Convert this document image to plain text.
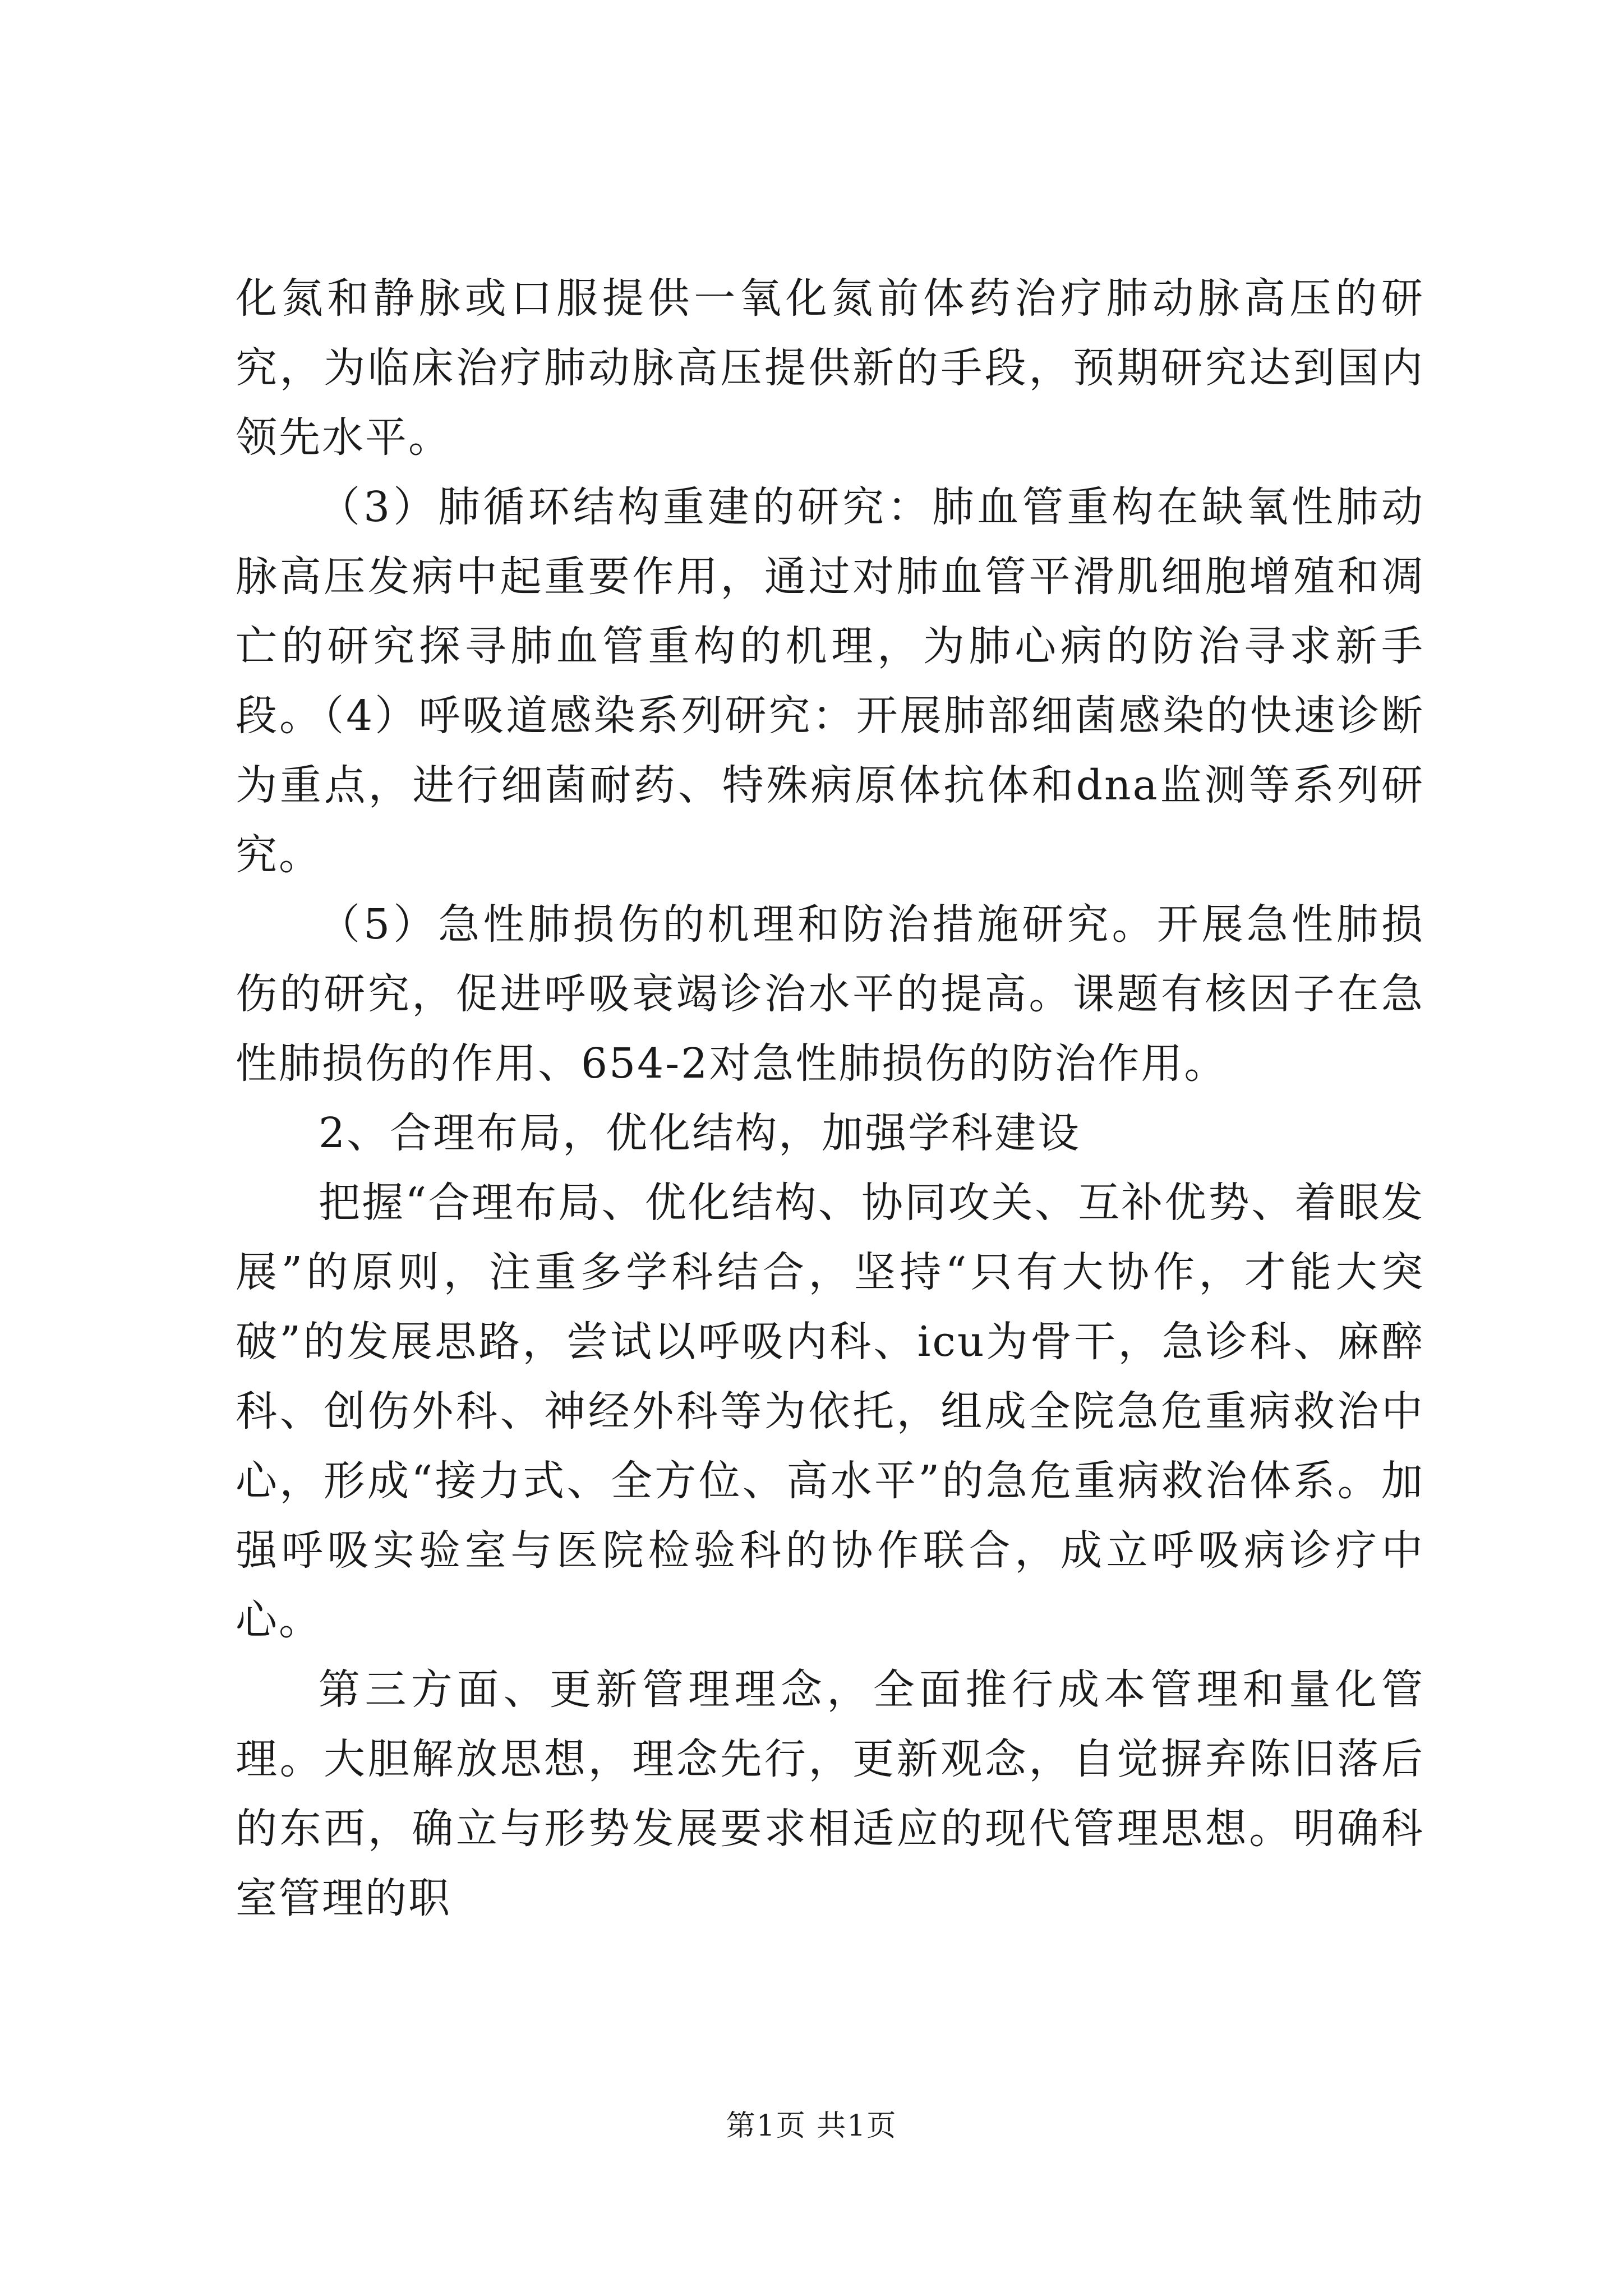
化氮和静脉或口服提供一氧化氮前体药治疗肺动脉高压的研究，为临床治疗肺动脉高压提供新的手段，预期研究达到国内领先水平。

（3）肺循环结构重建的研究：肺血管重构在缺氧性肺动脉高压发病中起重要作用，通过对肺血管平滑肌细胞增殖和凋亡的研究探寻肺血管重构的机理，为肺心病的防治寻求新手段。（4）呼吸道感染系列研究：开展肺部细菌感染的快速诊断为重点，进行细菌耐药、特殊病原体抗体和dna监测等系列研究。

（5）急性肺损伤的机理和防治措施研究。开展急性肺损伤的研究，促进呼吸衰竭诊治水平的提高。课题有核因子在急性肺损伤的作用、654-2对急性肺损伤的防治作用。

2、合理布局，优化结构，加强学科建设

把握“合理布局、优化结构、协同攻关、互补优势、着眼发展”的原则，注重多学科结合，坚持“只有大协作，才能大突破”的发展思路，尝试以呼吸内科、icu为骨干，急诊科、麻醉科、创伤外科、神经外科等为依托，组成全院急危重病救治中心，形成“接力式、全方位、高水平”的急危重病救治体系。加强呼吸实验室与医院检验科的协作联合，成立呼吸病诊疗中心。

第三方面、更新管理理念，全面推行成本管理和量化管理。大胆解放思想，理念先行，更新观念，自觉摒弃陈旧落后的东西，确立与形势发展要求相适应的现代管理思想。明确科室管理的职

第1页 共1页
